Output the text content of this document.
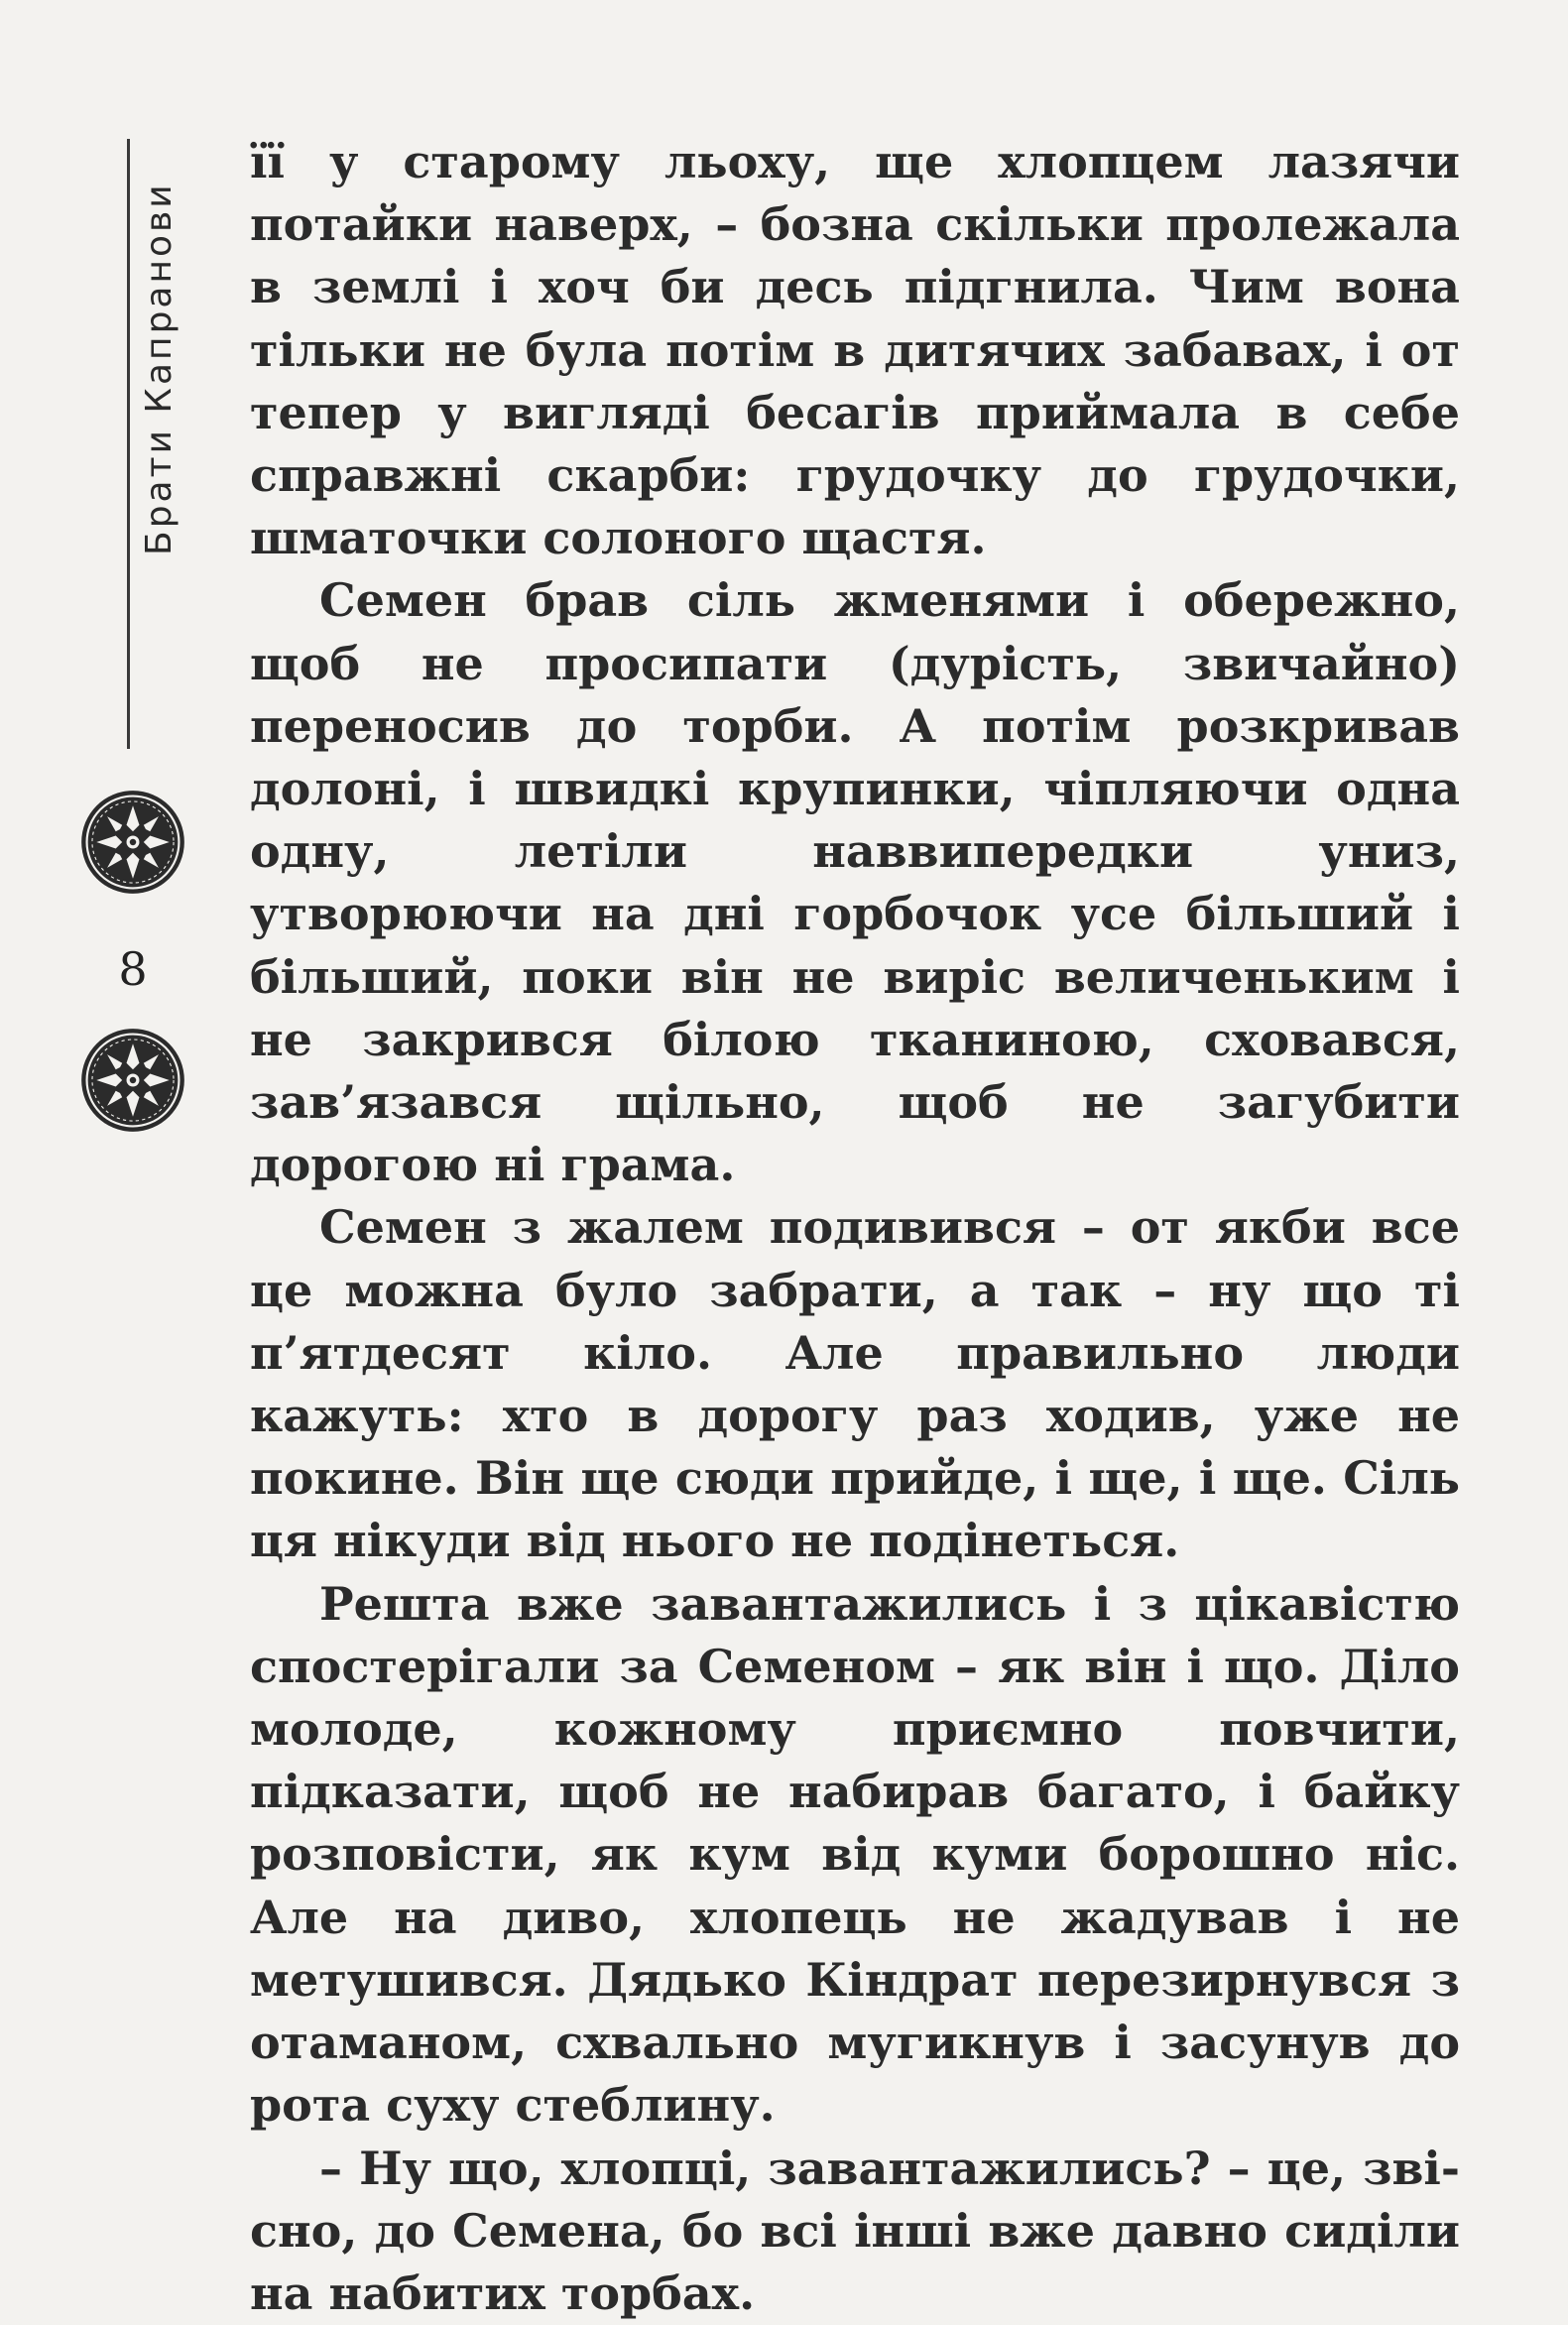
Брати Капранови
8

її у старому льоху, ще хлопцем лазячи потайки наверх, – бозна скільки пролежала в землі і хоч би десь підгнила. Чим вона тільки не була потім в дитячих забавах, і от тепер у вигляді бесагів приймала в себе справжні скарби: грудочку до грудочки, шматочки солоного щастя.

Семен брав сіль жменями і обережно, щоб не просипати (дурість, звичайно) переносив до торби. А потім розкривав долоні, і швидкі крупинки, чіпляючи одна одну, летіли наввипередки униз, утворюючи на дні горбочок усе більший і більший, поки він не виріс величеньким і не закрився білою тканиною, сховався, зав’язався щільно, щоб не загубити дорогою ні грама.

Семен з жалем подивився – от якби все це можна було забрати, а так – ну що ті п’ятдесят кіло. Але правильно люди кажуть: хто в дорогу раз ходив, уже не покине. Він ще сюди прийде, і ще, і ще. Сіль ця нікуди від нього не подінеться.

Решта вже завантажились і з цікавістю спостерігали за Семеном – як він і що. Діло молоде, кожному приємно повчити, підказати, щоб не набирав багато, і байку розповісти, як кум від куми борошно ніс. Але на диво, хлопець не жадував і не метушився. Дядько Кіндрат перезирнувся з отаманом, схвально мугикнув і засунув до рота суху стеблину.

– Ну що, хлопці, завантажились? – це, звісно, до Семена, бо всі інші вже давно сиділи на набитих торбах.
